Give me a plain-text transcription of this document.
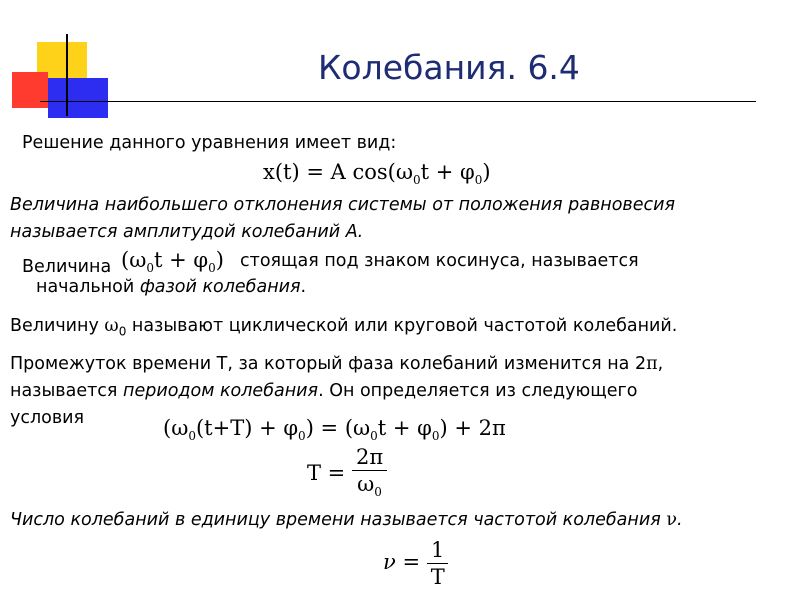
Колебания. 6.4
Решение данного уравнения имеет вид:
x(t) = A $\cos(\omega_0t + \varphi_0)$
Величина наибольшего отклонения системы от положения равновесия
называется амплитудой колебаний А.
Величина $(\omega_0t + \varphi_0)$ стоящая под знаком косинуса, называется
начальной фазой колебания.
Величину $\omega_0$ называют циклической или круговой частотой колебаний.
Промежуток времени Т, за который фаза колебаний изменится на 2π,
называется периодом колебания. Он определяется из следующего
условия	$(\omega_0(t+T) + \varphi_0) = (\omega_0t + \varphi_0) + 2\pi$
$T = \frac{2\pi}{\omega_0}$
Число колебаний в единицу времени называется частотой колебания ν.
$\nu = \frac{1}{T}$
